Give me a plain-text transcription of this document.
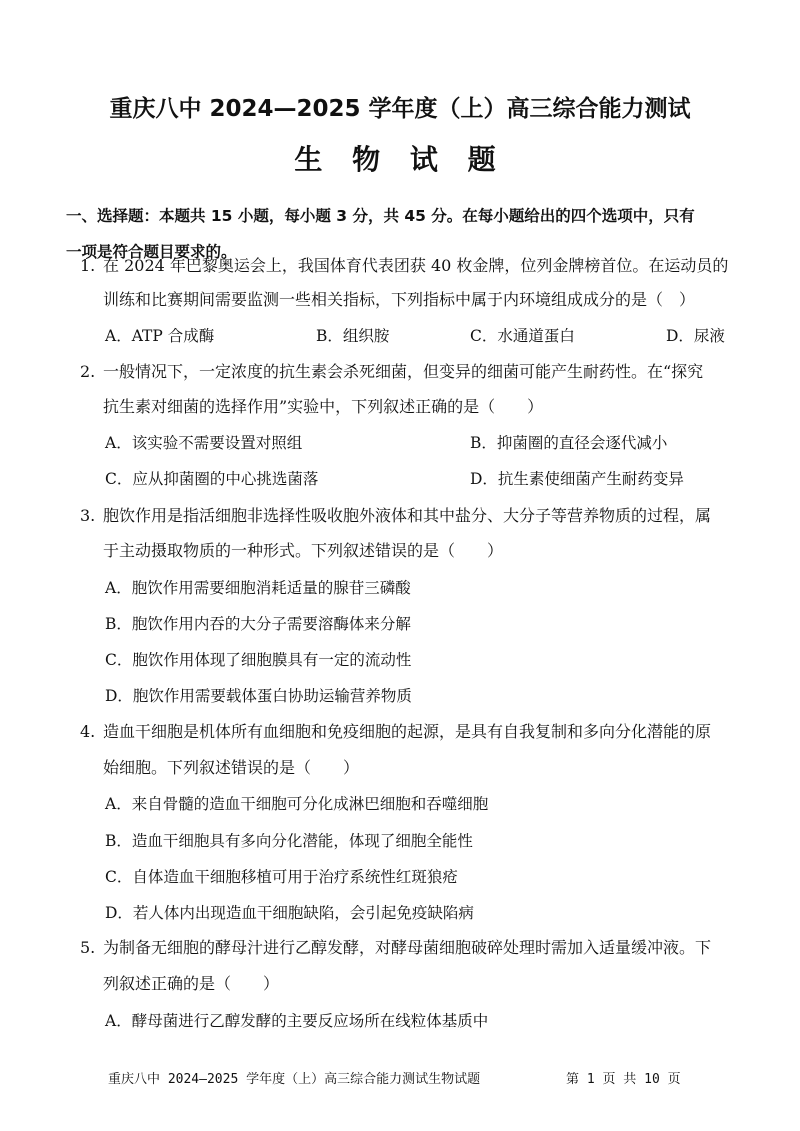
重庆八中 2024—2025 学年度（上）高三综合能力测试
生 物 试 题
一、选择题：本题共 15 小题，每小题 3 分，共 45 分。在每小题给出的四个选项中，只有
一项是符合题目要求的。
1. 在 2024 年巴黎奥运会上，我国体育代表团获 40 枚金牌，位列金牌榜首位。在运动员的
训练和比赛期间需要监测一些相关指标，下列指标中属于内环境组成成分的是（　）
A．ATP 合成酶	B．组织胺	C．水通道蛋白	D．尿液
2. 一般情况下，一定浓度的抗生素会杀死细菌，但变异的细菌可能产生耐药性。在“探究
抗生素对细菌的选择作用”实验中，下列叙述正确的是（　　）
A．该实验不需要设置对照组	B．抑菌圈的直径会逐代减小
C．应从抑菌圈的中心挑选菌落	D．抗生素使细菌产生耐药变异
3. 胞饮作用是指活细胞非选择性吸收胞外液体和其中盐分、大分子等营养物质的过程，属
于主动摄取物质的一种形式。下列叙述错误的是（　　）
A．胞饮作用需要细胞消耗适量的腺苷三磷酸
B．胞饮作用内吞的大分子需要溶酶体来分解
C．胞饮作用体现了细胞膜具有一定的流动性
D．胞饮作用需要载体蛋白协助运输营养物质
4. 造血干细胞是机体所有血细胞和免疫细胞的起源，是具有自我复制和多向分化潜能的原
始细胞。下列叙述错误的是（　　）
A．来自骨髓的造血干细胞可分化成淋巴细胞和吞噬细胞
B．造血干细胞具有多向分化潜能，体现了细胞全能性
C．自体造血干细胞移植可用于治疗系统性红斑狼疮
D．若人体内出现造血干细胞缺陷，会引起免疫缺陷病
5. 为制备无细胞的酵母汁进行乙醇发酵，对酵母菌细胞破碎处理时需加入适量缓冲液。下
列叙述正确的是（　　）
A．酵母菌进行乙醇发酵的主要反应场所在线粒体基质中
重庆八中 2024—2025 学年度（上）高三综合能力测试生物试题	第 1 页 共 10 页
